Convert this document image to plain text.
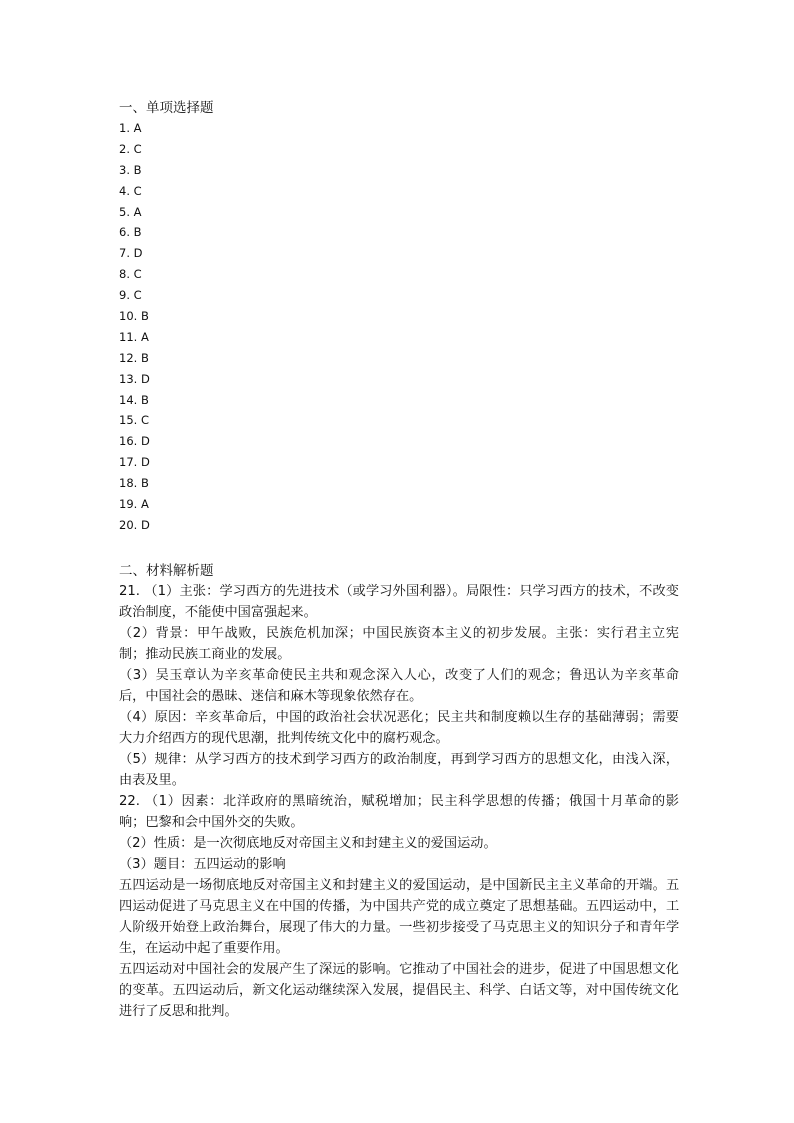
一、单项选择题
1. A
2. C
3. B
4. C
5. A
6. B
7. D
8. C
9. C
10. B
11. A
12. B
13. D
14. B
15. C
16. D
17. D
18. B
19. A
20. D
二、材料解析题

21. （1）主张：学习西方的先进技术（或学习外国利器）。局限性：只学习西方的技术，不改变政治制度，不能使中国富强起来。

（2）背景：甲午战败，民族危机加深；中国民族资本主义的初步发展。主张：实行君主立宪制；推动民族工商业的发展。

（3）吴玉章认为辛亥革命使民主共和观念深入人心，改变了人们的观念；鲁迅认为辛亥革命后，中国社会的愚昧、迷信和麻木等现象依然存在。

（4）原因：辛亥革命后，中国的政治社会状况恶化；民主共和制度赖以生存的基础薄弱；需要大力介绍西方的现代思潮，批判传统文化中的腐朽观念。

（5）规律：从学习西方的技术到学习西方的政治制度，再到学习西方的思想文化，由浅入深，由表及里。

22. （1）因素：北洋政府的黑暗统治，赋税增加；民主科学思想的传播；俄国十月革命的影响；巴黎和会中国外交的失败。

（2）性质：是一次彻底地反对帝国主义和封建主义的爱国运动。

（3）题目：五四运动的影响

五四运动是一场彻底地反对帝国主义和封建主义的爱国运动，是中国新民主主义革命的开端。五四运动促进了马克思主义在中国的传播，为中国共产党的成立奠定了思想基础。五四运动中，工人阶级开始登上政治舞台，展现了伟大的力量。一些初步接受了马克思主义的知识分子和青年学生，在运动中起了重要作用。

五四运动对中国社会的发展产生了深远的影响。它推动了中国社会的进步，促进了中国思想文化的变革。五四运动后，新文化运动继续深入发展，提倡民主、科学、白话文等，对中国传统文化进行了反思和批判。
